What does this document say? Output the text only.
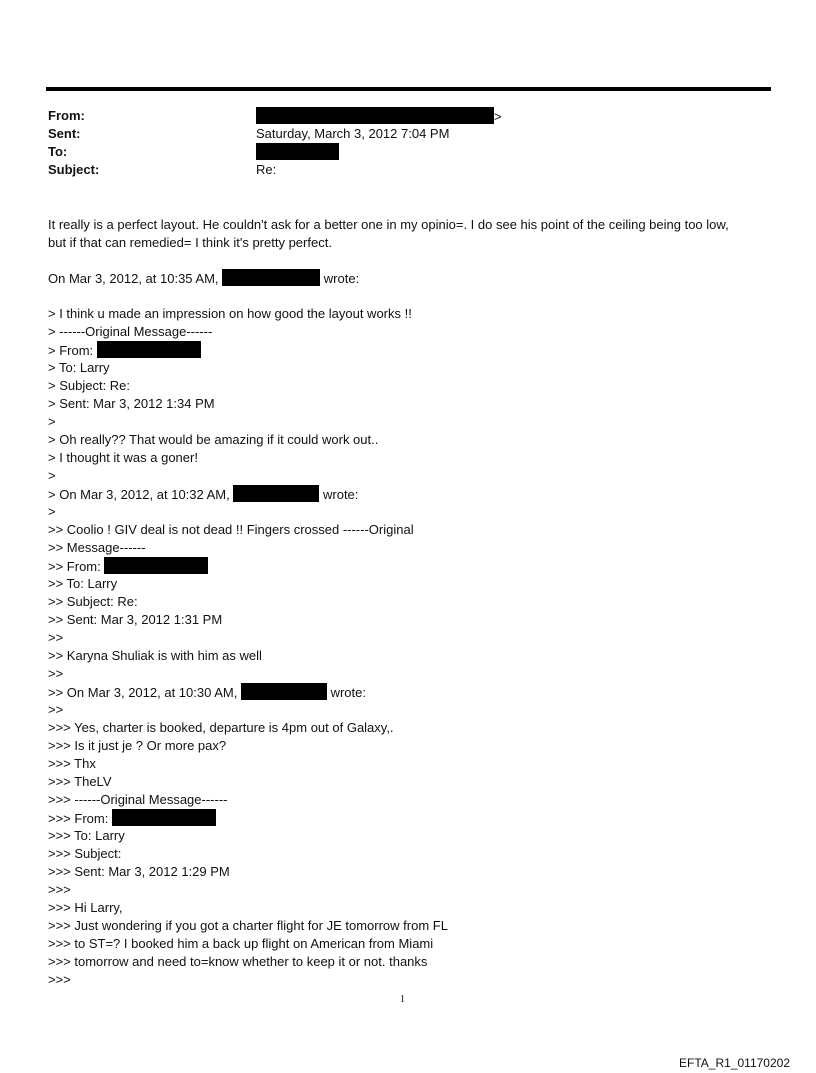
From:	>
Sent:	Saturday, March 3, 2012 7:04 PM
To:
Subject:	Re:
It really is a perfect layout. He couldn't ask for a better one in my opinio=. I do see his point of the ceiling being too low,
but if that can remedied= I think it's pretty perfect.
On Mar 3, 2012, at 10:35 AM,	wrote:
> I think u made an impression on how good the layout works !!
> ------Original Message------
> From:
> To: Larry
> Subject: Re:
> Sent: Mar 3, 2012 1:34 PM
>
> Oh really?? That would be amazing if it could work out..
> I thought it was a goner!
>
> On Mar 3, 2012, at 10:32 AM,	wrote:
>
>> Coolio ! GIV deal is not dead !! Fingers crossed ------Original
>> Message------
>> From:
>> To: Larry
>> Subject: Re:
>> Sent: Mar 3, 2012 1:31 PM
>>
>> Karyna Shuliak is with him as well
>>
>> On Mar 3, 2012, at 10:30 AM,	wrote:
>>
>>> Yes, charter is booked, departure is 4pm out of Galaxy,.
>>> Is it just je ? Or more pax?
>>> Thx
>>> TheLV
>>> ------Original Message------
>>> From:
>>> To: Larry
>>> Subject:
>>> Sent: Mar 3, 2012 1:29 PM
>>>
>>> Hi Larry,
>>> Just wondering if you got a charter flight for JE tomorrow from FL
>>> to ST=? I booked him a back up flight on American from Miami
>>> tomorrow and need to=know whether to keep it or not. thanks
>>>
1
EFTA_R1_01170202
